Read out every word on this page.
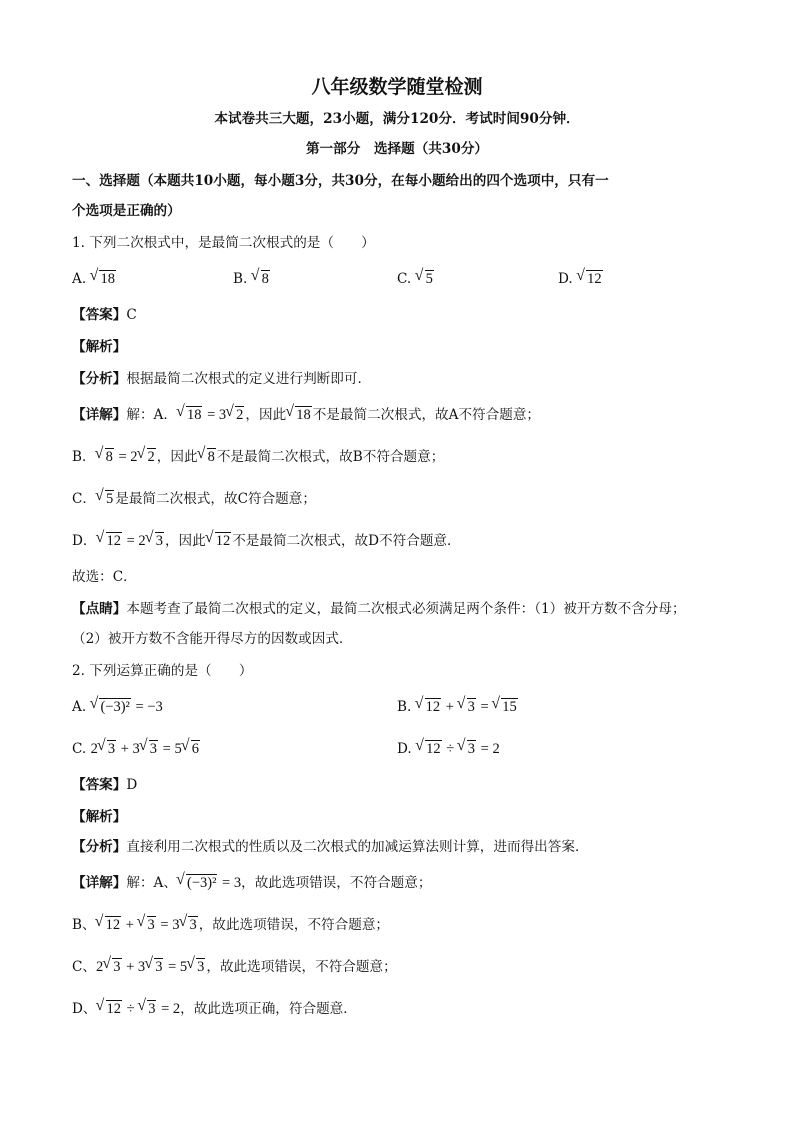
八年级数学随堂检测
本试卷共三大题，23小题，满分120分．考试时间90分钟．
第一部分　选择题（共30分）
一、选择题（本题共10小题，每小题3分，共30分，在每小题给出的四个选项中，只有一
个选项是正确的）
1. 下列二次根式中，是最简二次根式的是（　　）
A. √ 18	B. √ 8	C. √ 5	D. √ 12
【答案】C
【解析】
【分析】根据最简二次根式的定义进行判断即可．
【详解】解：A． √ 18 = 3 √ 2 ，因此 √ 18 不是最简二次根式，故A不符合题意；
B． √ 8 = 2 √ 2 ，因此 √ 8 不是最简二次根式，故B不符合题意；
C． √ 5 是最简二次根式，故C符合题意；
D． √ 12 = 2 √ 3 ，因此 √ 12 不是最简二次根式，故D不符合题意．
故选：C．
【点睛】本题考查了最简二次根式的定义，最简二次根式必须满足两个条件：（1）被开方数不含分母；
（2）被开方数不含能开得尽方的因数或因式．
2. 下列运算正确的是（　　）
A. √ (−3)² = −3	B. √ 12 + √ 3 = √ 15
C. 2 √ 3 + 3 √ 3 = 5 √ 6	D. √ 12 ÷ √ 3 = 2
【答案】D
【解析】
【分析】直接利用二次根式的性质以及二次根式的加减运算法则计算，进而得出答案．
【详解】解：A、 √ (−3)² = 3，故此选项错误，不符合题意；
B、 √ 12 + √ 3 = 3 √ 3 ，故此选项错误，不符合题意；
C、2 √ 3 + 3 √ 3 = 5 √ 3 ，故此选项错误，不符合题意；
D、 √ 12 ÷ √ 3 = 2，故此选项正确，符合题意．
